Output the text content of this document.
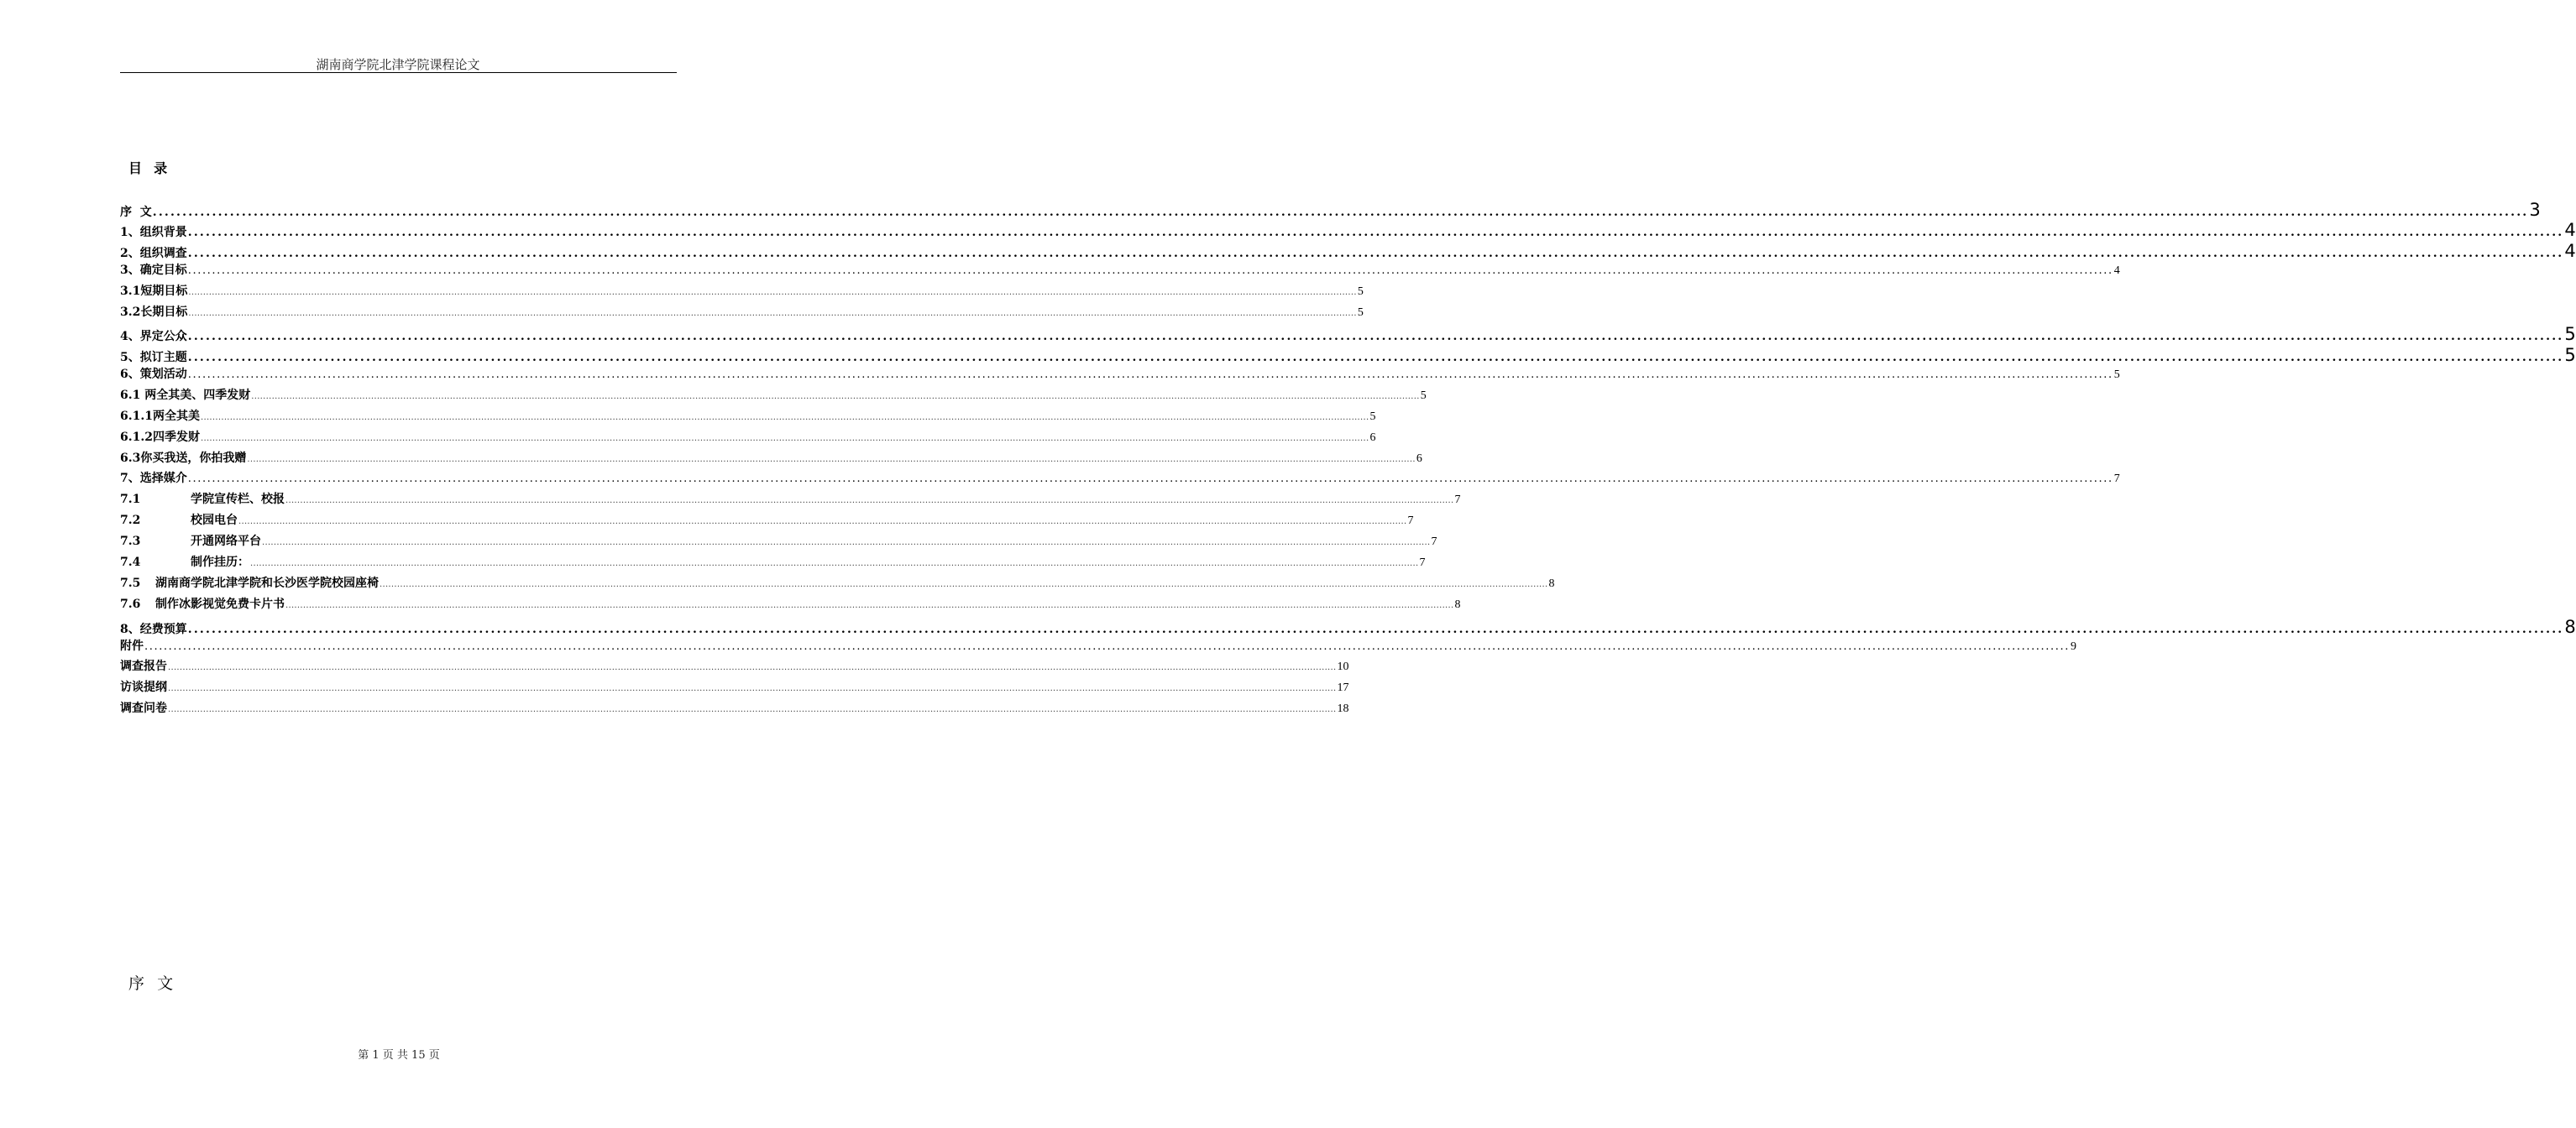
湖南商学院北津学院课程论文
目  录
序  文 ................................................................................................................................................................................................................................................................................................................................................................................................................ 3
1、组织背景 ................................................................................................................................................................................................................................................................................................................................................................................................................ 4
2、组织调查 ................................................................................................................................................................................................................................................................................................................................................................................................................ 4
3、确定目标 ................................................................................................................................................................................................................................................................................................................................................................................................................ 4
3.1短期目标 ................................................................................................................................................................................................................................................................................................................................................................................................................ 5
3.2长期目标 ................................................................................................................................................................................................................................................................................................................................................................................................................ 5
4、界定公众 ................................................................................................................................................................................................................................................................................................................................................................................................................ 5
5、拟订主题 ................................................................................................................................................................................................................................................................................................................................................................................................................ 5
6、策划活动 ................................................................................................................................................................................................................................................................................................................................................................................................................ 5
6.1 两全其美、四季发财 ................................................................................................................................................................................................................................................................................................................................................................................................................ 5
6.1.1两全其美 ................................................................................................................................................................................................................................................................................................................................................................................................................ 5
6.1.2四季发财 ................................................................................................................................................................................................................................................................................................................................................................................................................ 6
6.3你买我送，你拍我赠 ................................................................................................................................................................................................................................................................................................................................................................................................................ 6
7、选择媒介 ................................................................................................................................................................................................................................................................................................................................................................................................................ 7
7.1	学院宣传栏、校报 ................................................................................................................................................................................................................................................................................................................................................................................................................ 7
7.2	校园电台 ................................................................................................................................................................................................................................................................................................................................................................................................................ 7
7.3	开通网络平台 ................................................................................................................................................................................................................................................................................................................................................................................................................ 7
7.4	制作挂历： ................................................................................................................................................................................................................................................................................................................................................................................................................ 7
7.5 湖南商学院北津学院和长沙医学院校园座椅 ................................................................................................................................................................................................................................................................................................................................................................................................................ 8
7.6 制作冰影视觉免费卡片书 ................................................................................................................................................................................................................................................................................................................................................................................................................ 8
8、经费预算 ................................................................................................................................................................................................................................................................................................................................................................................................................ 8
附件 ................................................................................................................................................................................................................................................................................................................................................................................................................ 9
调查报告 ................................................................................................................................................................................................................................................................................................................................................................................................................ 10
访谈提纲 ................................................................................................................................................................................................................................................................................................................................................................................................................ 17
调查问卷 ................................................................................................................................................................................................................................................................................................................................................................................................................ 18
序  文
第 1 页 共 15 页
